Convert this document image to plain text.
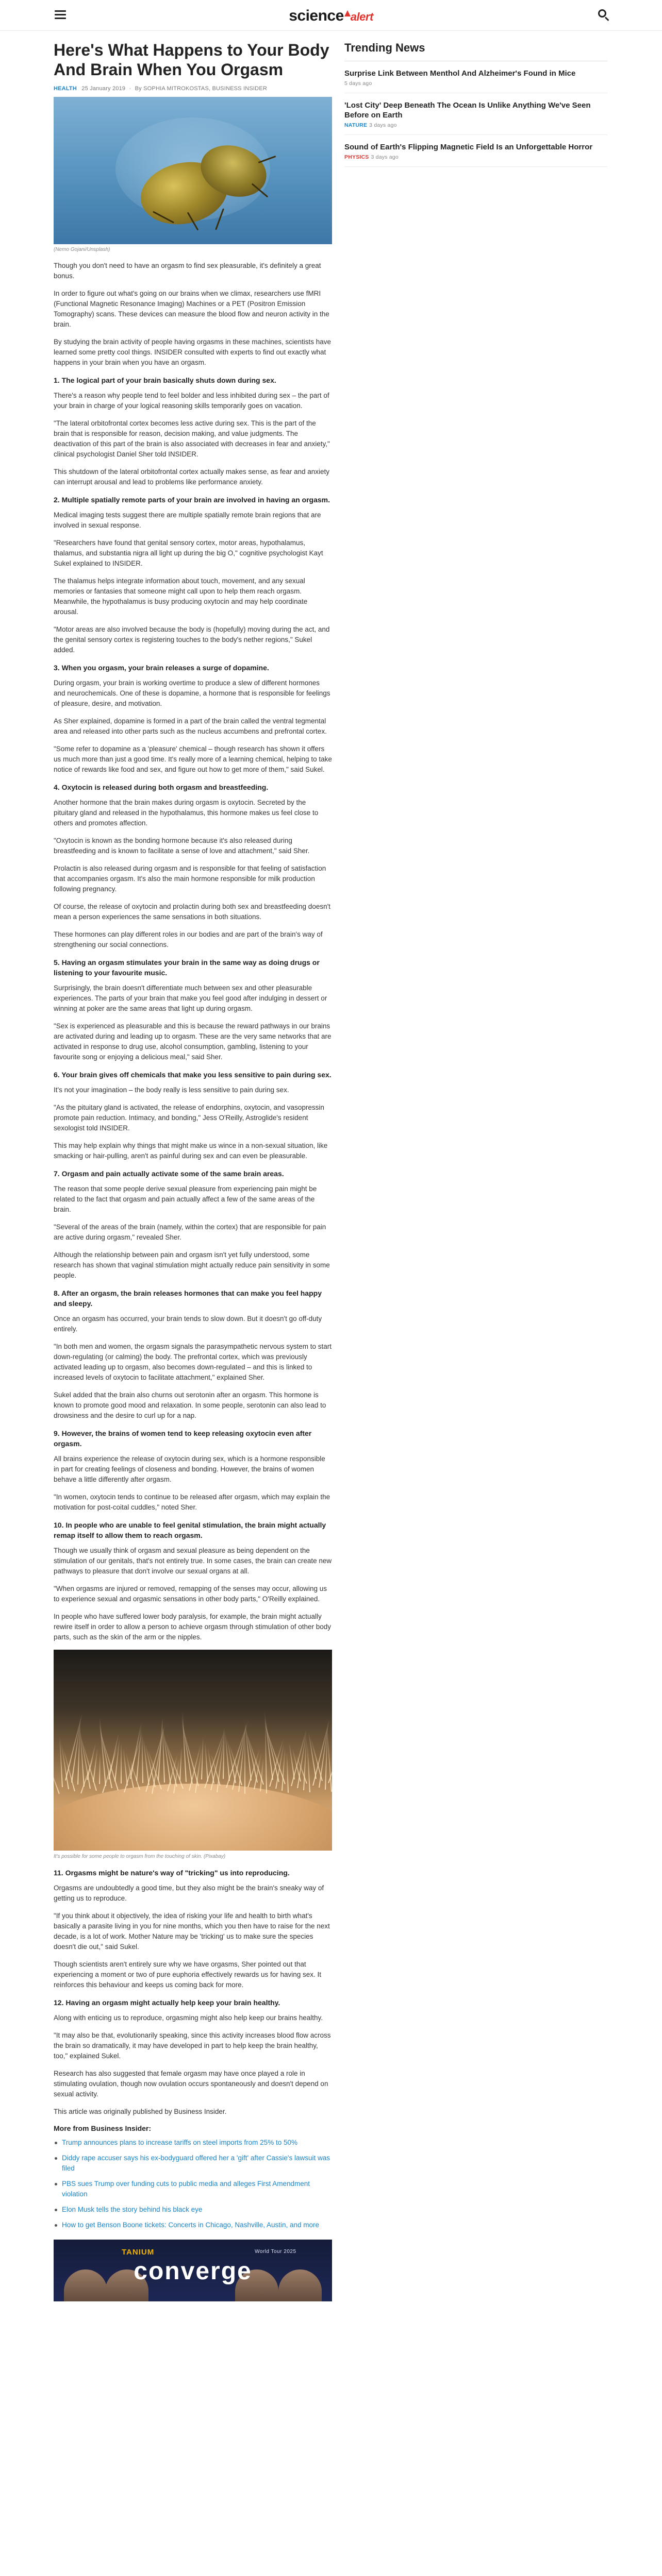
science alert
Here's What Happens to Your Body And Brain When You Orgasm
HEALTH 25 January 2019 · By SOPHIA MITROKOSTAS, BUSINESS INSIDER
(Nemo Gojani/Unsplash)

Though you don't need to have an orgasm to find sex pleasurable, it's definitely a great bonus.

In order to figure out what's going on our brains when we climax, researchers use fMRI (Functional Magnetic Resonance Imaging) Machines or a PET (Positron Emission Tomography) scans. These devices can measure the blood flow and neuron activity in the brain.

By studying the brain activity of people having orgasms in these machines, scientists have learned some pretty cool things. INSIDER consulted with experts to find out exactly what happens in your brain when you have an orgasm.

1. The logical part of your brain basically shuts down during sex.

There's a reason why people tend to feel bolder and less inhibited during sex – the part of your brain in charge of your logical reasoning skills temporarily goes on vacation.

"The lateral orbitofrontal cortex becomes less active during sex. This is the part of the brain that is responsible for reason, decision making, and value judgments. The deactivation of this part of the brain is also associated with decreases in fear and anxiety," clinical psychologist Daniel Sher told INSIDER.

This shutdown of the lateral orbitofrontal cortex actually makes sense, as fear and anxiety can interrupt arousal and lead to problems like performance anxiety.

2. Multiple spatially remote parts of your brain are involved in having an orgasm.

Medical imaging tests suggest there are multiple spatially remote brain regions that are involved in sexual response.

"Researchers have found that genital sensory cortex, motor areas, hypothalamus, thalamus, and substantia nigra all light up during the big O," cognitive psychologist Kayt Sukel explained to INSIDER.

The thalamus helps integrate information about touch, movement, and any sexual memories or fantasies that someone might call upon to help them reach orgasm. Meanwhile, the hypothalamus is busy producing oxytocin and may help coordinate arousal.

"Motor areas are also involved because the body is (hopefully) moving during the act, and the genital sensory cortex is registering touches to the body's nether regions," Sukel added.

3. When you orgasm, your brain releases a surge of dopamine.

During orgasm, your brain is working overtime to produce a slew of different hormones and neurochemicals. One of these is dopamine, a hormone that is responsible for feelings of pleasure, desire, and motivation.

As Sher explained, dopamine is formed in a part of the brain called the ventral tegmental area and released into other parts such as the nucleus accumbens and prefrontal cortex.

"Some refer to dopamine as a 'pleasure' chemical – though research has shown it offers us much more than just a good time. It's really more of a learning chemical, helping to take notice of rewards like food and sex, and figure out how to get more of them," said Sukel.

4. Oxytocin is released during both orgasm and breastfeeding.

Another hormone that the brain makes during orgasm is oxytocin. Secreted by the pituitary gland and released in the hypothalamus, this hormone makes us feel close to others and promotes affection.

"Oxytocin is known as the bonding hormone because it's also released during breastfeeding and is known to facilitate a sense of love and attachment," said Sher.

Prolactin is also released during orgasm and is responsible for that feeling of satisfaction that accompanies orgasm. It's also the main hormone responsible for milk production following pregnancy.

Of course, the release of oxytocin and prolactin during both sex and breastfeeding doesn't mean a person experiences the same sensations in both situations.

These hormones can play different roles in our bodies and are part of the brain's way of strengthening our social connections.

5. Having an orgasm stimulates your brain in the same way as doing drugs or listening to your favourite music.

Surprisingly, the brain doesn't differentiate much between sex and other pleasurable experiences. The parts of your brain that make you feel good after indulging in dessert or winning at poker are the same areas that light up during orgasm.

"Sex is experienced as pleasurable and this is because the reward pathways in our brains are activated during and leading up to orgasm. These are the very same networks that are activated in response to drug use, alcohol consumption, gambling, listening to your favourite song or enjoying a delicious meal," said Sher.

6. Your brain gives off chemicals that make you less sensitive to pain during sex.

It's not your imagination – the body really is less sensitive to pain during sex.

"As the pituitary gland is activated, the release of endorphins, oxytocin, and vasopressin promote pain reduction. Intimacy, and bonding," Jess O'Reilly, Astroglide's resident sexologist told INSIDER.

This may help explain why things that might make us wince in a non-sexual situation, like smacking or hair-pulling, aren't as painful during sex and can even be pleasurable.

7. Orgasm and pain actually activate some of the same brain areas.

The reason that some people derive sexual pleasure from experiencing pain might be related to the fact that orgasm and pain actually affect a few of the same areas of the brain.

"Several of the areas of the brain (namely, within the cortex) that are responsible for pain are active during orgasm," revealed Sher.

Although the relationship between pain and orgasm isn't yet fully understood, some research has shown that vaginal stimulation might actually reduce pain sensitivity in some people.

8. After an orgasm, the brain releases hormones that can make you feel happy and sleepy.

Once an orgasm has occurred, your brain tends to slow down. But it doesn't go off-duty entirely.

"In both men and women, the orgasm signals the parasympathetic nervous system to start down-regulating (or calming) the body. The prefrontal cortex, which was previously activated leading up to orgasm, also becomes down-regulated – and this is linked to increased levels of oxytocin to facilitate attachment," explained Sher.

Sukel added that the brain also churns out serotonin after an orgasm. This hormone is known to promote good mood and relaxation. In some people, serotonin can also lead to drowsiness and the desire to curl up for a nap.

9. However, the brains of women tend to keep releasing oxytocin even after orgasm.

All brains experience the release of oxytocin during sex, which is a hormone responsible in part for creating feelings of closeness and bonding. However, the brains of women behave a little differently after orgasm.

"In women, oxytocin tends to continue to be released after orgasm, which may explain the motivation for post-coital cuddles," noted Sher.

10. In people who are unable to feel genital stimulation, the brain might actually remap itself to allow them to reach orgasm.

Though we usually think of orgasm and sexual pleasure as being dependent on the stimulation of our genitals, that's not entirely true. In some cases, the brain can create new pathways to pleasure that don't involve our sexual organs at all.

"When orgasms are injured or removed, remapping of the senses may occur, allowing us to experience sexual and orgasmic sensations in other body parts," O'Reilly explained.

In people who have suffered lower body paralysis, for example, the brain might actually rewire itself in order to allow a person to achieve orgasm through stimulation of other body parts, such as the skin of the arm or the nipples.

It's possible for some people to orgasm from the touching of skin. (Pixabay)
11. Orgasms might be nature's way of "tricking" us into reproducing.

Orgasms are undoubtedly a good time, but they also might be the brain's sneaky way of getting us to reproduce.

"If you think about it objectively, the idea of risking your life and health to birth what's basically a parasite living in you for nine months, which you then have to raise for the next decade, is a lot of work. Mother Nature may be 'tricking' us to make sure the species doesn't die out," said Sukel.

Though scientists aren't entirely sure why we have orgasms, Sher pointed out that experiencing a moment or two of pure euphoria effectively rewards us for having sex. It reinforces this behaviour and keeps us coming back for more.

12. Having an orgasm might actually help keep your brain healthy.

Along with enticing us to reproduce, orgasming might also help keep our brains healthy.

"It may also be that, evolutionarily speaking, since this activity increases blood flow across the brain so dramatically, it may have developed in part to help keep the brain healthy, too," explained Sukel.

Research has also suggested that female orgasm may have once played a role in stimulating ovulation, though now ovulation occurs spontaneously and doesn't depend on sexual activity.

This article was originally published by Business Insider.

More from Business Insider:
Trump announces plans to increase tariffs on steel imports from 25% to 50%
Diddy rape accuser says his ex-bodyguard offered her a 'gift' after Cassie's lawsuit was filed
PBS sues Trump over funding cuts to public media and alleges First Amendment violation
Elon Musk tells the story behind his black eye
How to get Benson Boone tickets: Concerts in Chicago, Nashville, Austin, and more
TANIUM	World Tour 2025
converge
Trending News
Surprise Link Between Menthol And Alzheimer's Found in Mice
5 days ago
'Lost City' Deep Beneath The Ocean Is Unlike Anything We've Seen Before on Earth
NATURE 3 days ago
Sound of Earth's Flipping Magnetic Field Is an Unforgettable Horror
PHYSICS 3 days ago
